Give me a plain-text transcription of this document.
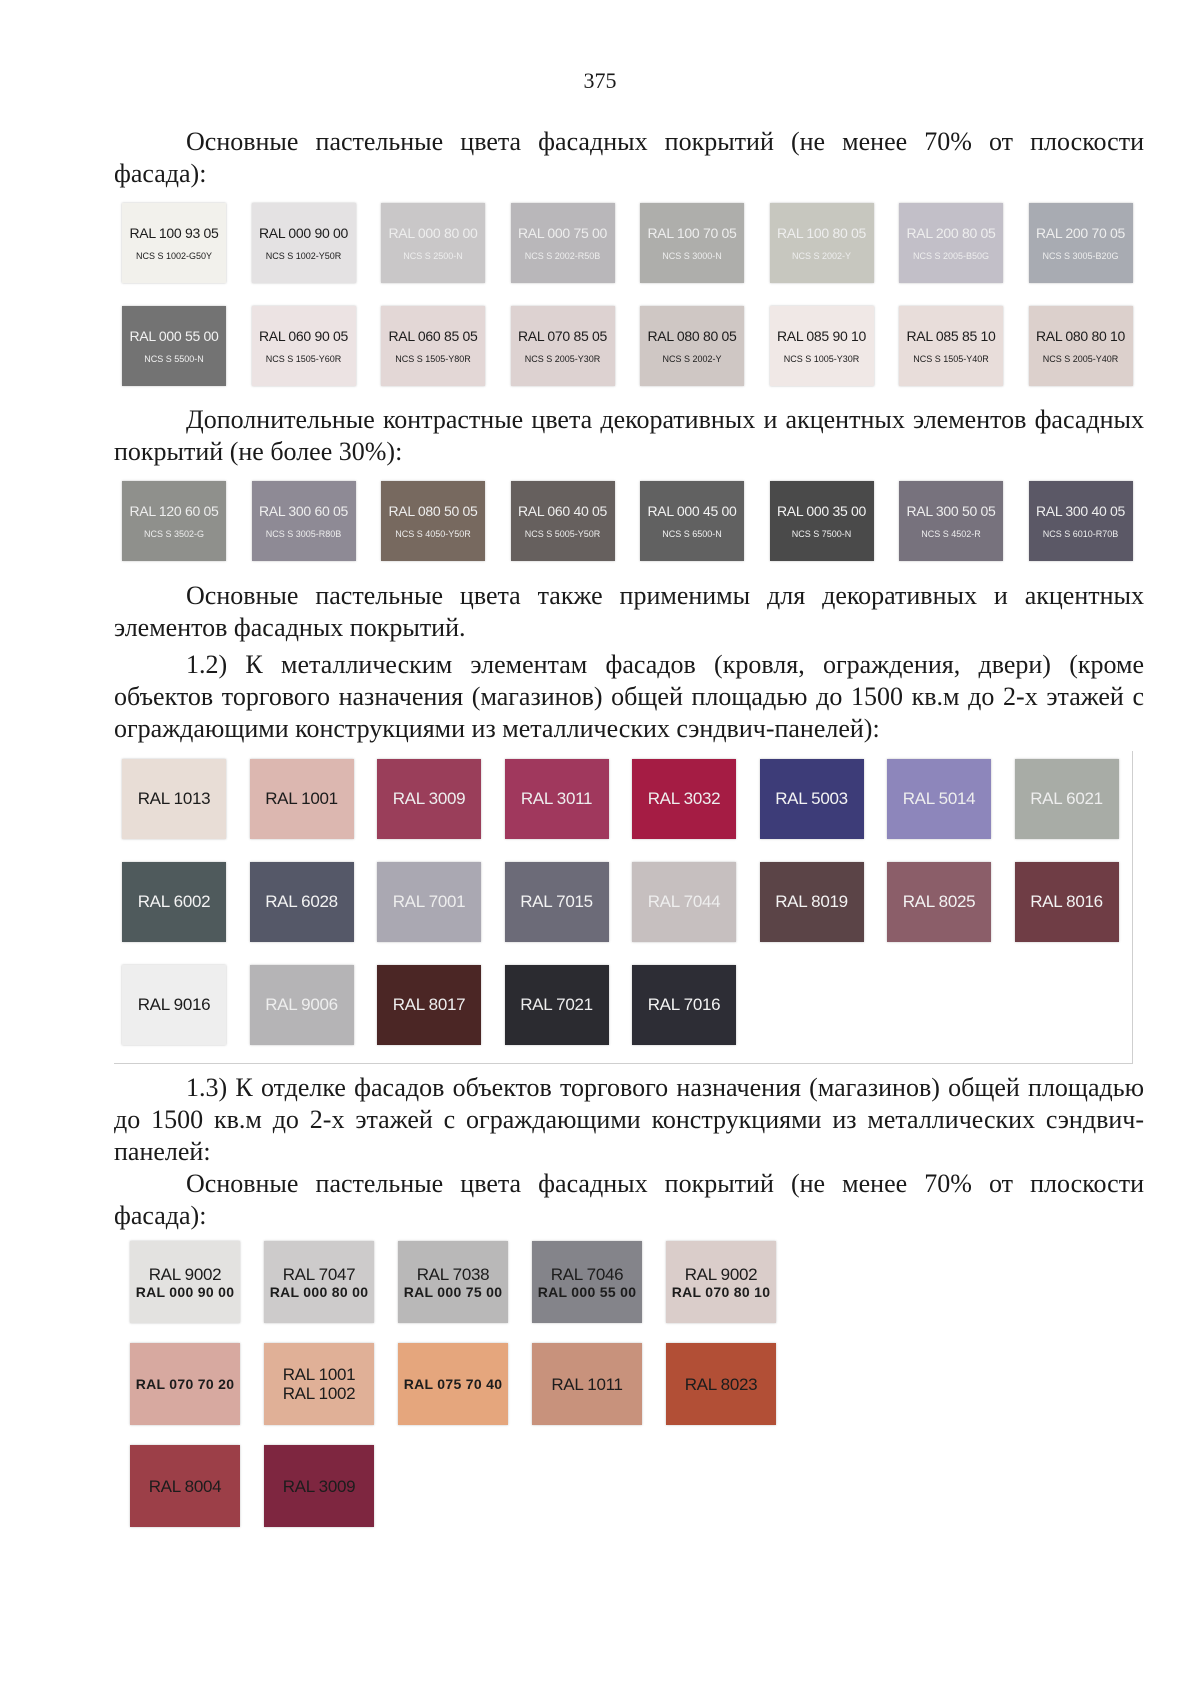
375

Основные пастельные цвета фасадных покрытий (не менее 70% от плоскости фасада):

RAL 100 93 05
NCS S 1002-G50Y
RAL 000 90 00
NCS S 1002-Y50R
RAL 000 80 00
NCS S 2500-N
RAL 000 75 00
NCS S 2002-R50B
RAL 100 70 05
NCS S 3000-N
RAL 100 80 05
NCS S 2002-Y
RAL 200 80 05
NCS S 2005-B50G
RAL 200 70 05
NCS S 3005-B20G
RAL 000 55 00
NCS S 5500-N
RAL 060 90 05
NCS S 1505-Y60R
RAL 060 85 05
NCS S 1505-Y80R
RAL 070 85 05
NCS S 2005-Y30R
RAL 080 80 05
NCS S 2002-Y
RAL 085 90 10
NCS S 1005-Y30R
RAL 085 85 10
NCS S 1505-Y40R
RAL 080 80 10
NCS S 2005-Y40R

Дополнительные контрастные цвета декоративных и акцентных элементов фасадных покрытий (не более 30%):

RAL 120 60 05
NCS S 3502-G
RAL 300 60 05
NCS S 3005-R80B
RAL 080 50 05
NCS S 4050-Y50R
RAL 060 40 05
NCS S 5005-Y50R
RAL 000 45 00
NCS S 6500-N
RAL 000 35 00
NCS S 7500-N
RAL 300 50 05
NCS S 4502-R
RAL 300 40 05
NCS S 6010-R70B

Основные пастельные цвета также применимы для декоративных и акцентных элементов фасадных покрытий.

1.2) К металлическим элементам фасадов (кровля, ограждения, двери) (кроме объектов торгового назначения (магазинов) общей площадью до 1500 кв.м до 2-х этажей с ограждающими конструкциями из металлических сэндвич-панелей):

RAL 1013	RAL 1001	RAL 3009	RAL 3011	RAL 3032	RAL 5003	RAL 5014	RAL 6021
RAL 6002	RAL 6028	RAL 7001	RAL 7015	RAL 7044	RAL 8019	RAL 8025	RAL 8016
RAL 9016	RAL 9006	RAL 8017	RAL 7021	RAL 7016

1.3) К отделке фасадов объектов торгового назначения (магазинов) общей площадью до 1500 кв.м до 2-х этажей с ограждающими конструкциями из металлических сэндвич-панелей:

Основные пастельные цвета фасадных покрытий (не менее 70% от плоскости фасада):

RAL 9002
RAL 000 90 00
RAL 7047
RAL 000 80 00
RAL 7038
RAL 000 75 00
RAL 7046
RAL 000 55 00
RAL 9002
RAL 070 80 10
RAL 070 70 20	RAL 1001
RAL 1002	RAL 075 70 40	RAL 1011	RAL 8023
RAL 8004	RAL 3009
